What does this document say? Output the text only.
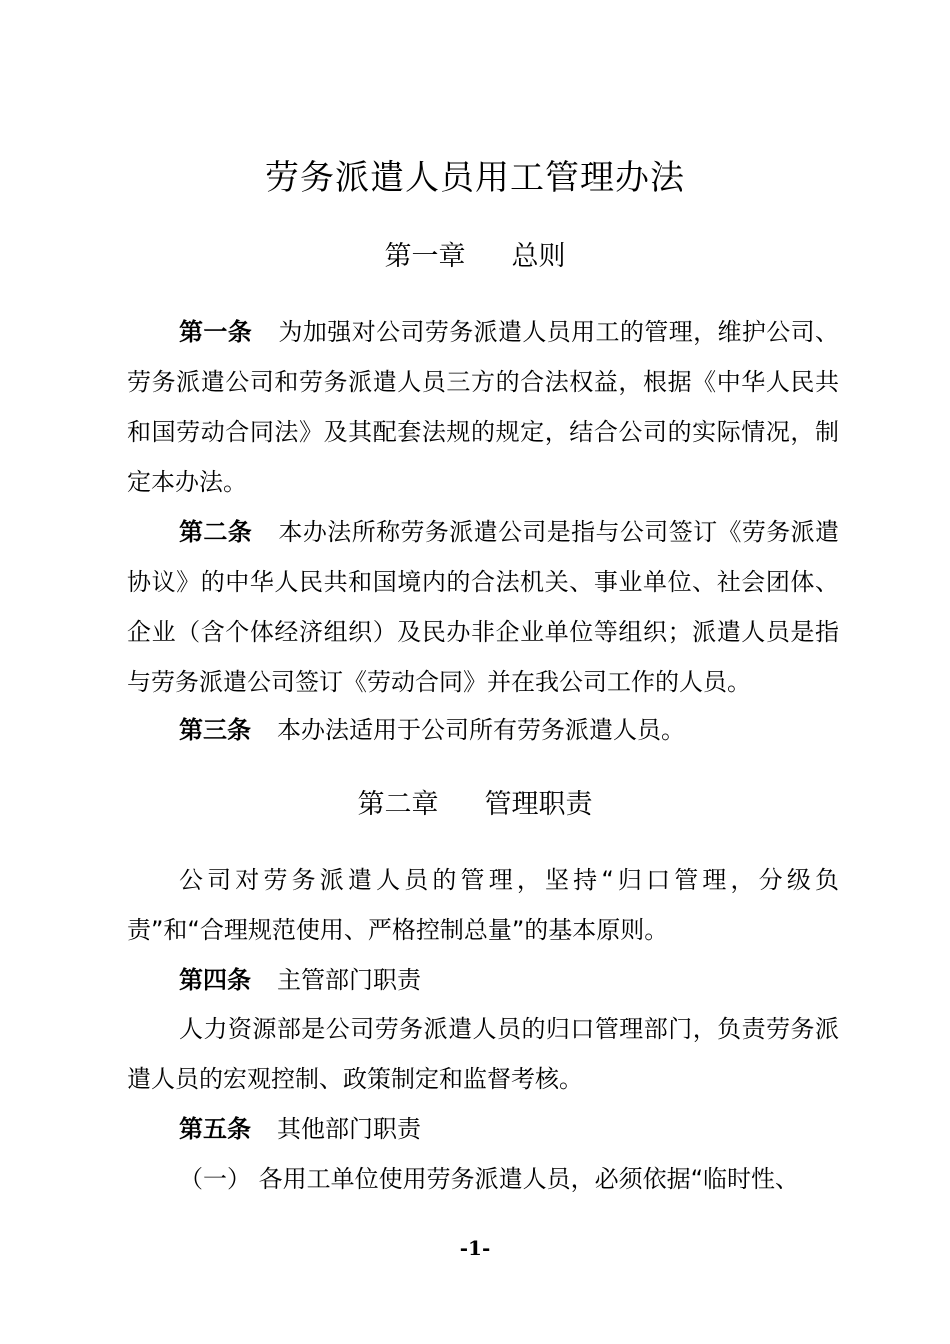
劳务派遣人员用工管理办法
第一章 总则

第一条 为加强对公司劳务派遣人员用工的管理，维护公司、劳务派遣公司和劳务派遣人员三方的合法权益，根据《中华人民共和国劳动合同法》及其配套法规的规定，结合公司的实际情况，制定本办法。

第二条 本办法所称劳务派遣公司是指与公司签订《劳务派遣协议》的中华人民共和国境内的合法机关、事业单位、社会团体、企业（含个体经济组织）及民办非企业单位等组织；派遣人员是指与劳务派遣公司签订《劳动合同》并在我公司工作的人员。

第三条 本办法适用于公司所有劳务派遣人员。

第二章 管理职责

公司对劳务派遣人员的管理，坚持“归口管理，分级负责”和“合理规范使用、严格控制总量”的基本原则。

第四条 主管部门职责

人力资源部是公司劳务派遣人员的归口管理部门，负责劳务派遣人员的宏观控制、政策制定和监督考核。

第五条 其他部门职责

（一） 各用工单位使用劳务派遣人员，必须依据“临时性、

-1-
